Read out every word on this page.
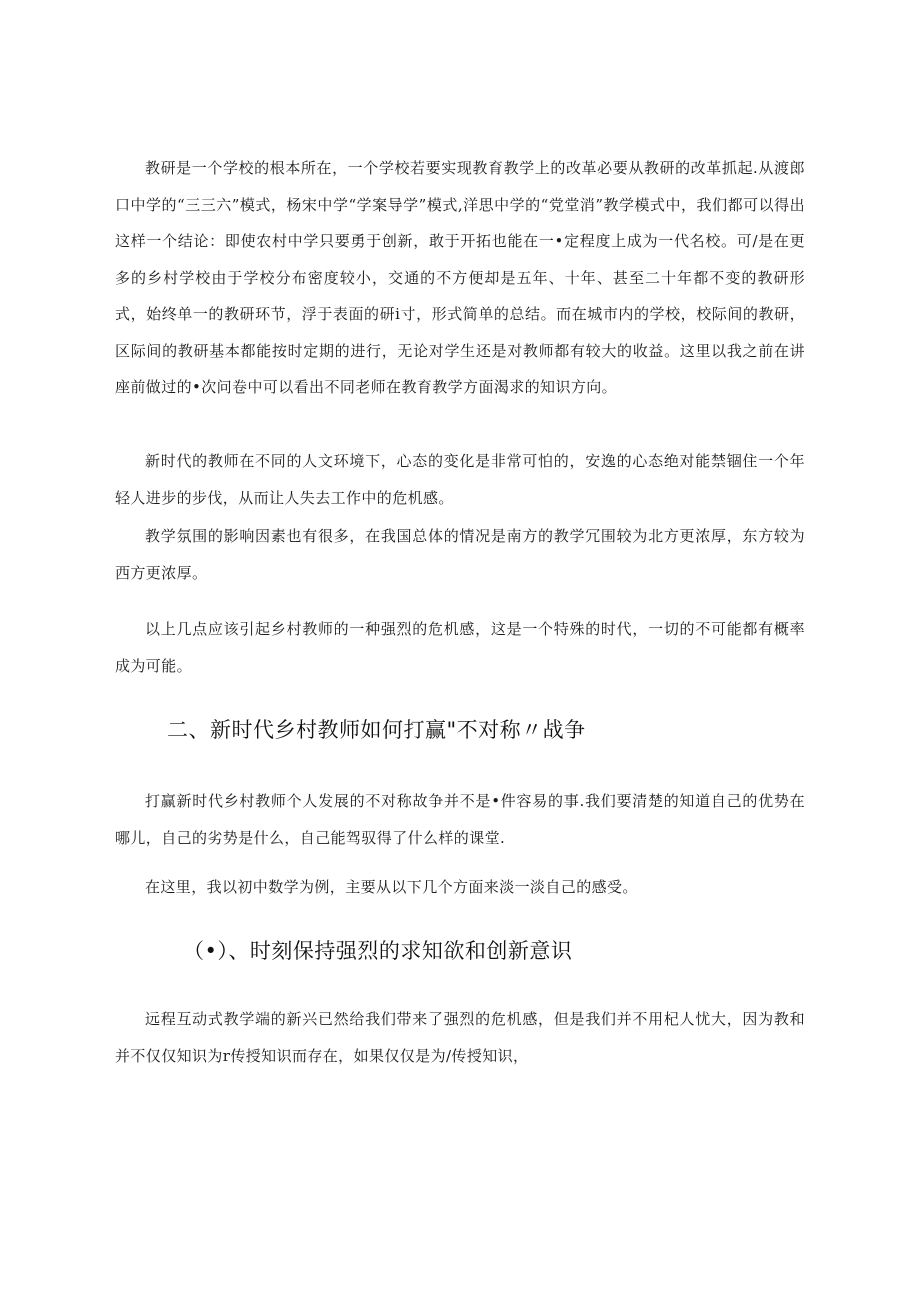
教研是一个学校的根本所在，一个学校若要实现教育教学上的改革必要从教研的改革抓起.从渡郎口中学的“三三六”模式，杨宋中学“学案导学”模式,洋思中学的“党堂消”教学模式中，我们都可以得出这样一个结论：即使农村中学只要勇于创新，敢于开拓也能在一•定程度上成为一代名校。可/是在更多的乡村学校由于学校分布密度较小，交通的不方便却是五年、十年、甚至二十年都不变的教研形式，始终单一的教研环节，浮于表面的研i寸，形式简单的总结。而在城市内的学校，校际间的教研，区际间的教研基本都能按时定期的进行，无论对学生还是对教师都有较大的收益。这里以我之前在讲座前做过的•次问卷中可以看出不同老师在教育教学方面渴求的知识方向。

新时代的教师在不同的人文环境下，心态的变化是非常可怕的，安逸的心态绝对能禁锢住一个年轻人进步的步伐，从而让人失去工作中的危机感。

教学氛围的影响因素也有很多，在我国总体的情况是南方的教学冗围较为北方更浓厚，东方较为西方更浓厚。

以上几点应该引起乡村教师的一种强烈的危机感，这是一个特殊的时代，一切的不可能都有概率成为可能。

二、新时代乡村教师如何打赢"不对称〃战争

打赢新时代乡村教师个人发展的不对称故争并不是•件容易的事.我们要清楚的知道自己的优势在哪儿，自己的劣势是什么，自己能驾驭得了什么样的课堂.

在这里，我以初中数学为例，主要从以下几个方面来淡一淡自己的感受。

（•）、时刻保持强烈的求知欲和创新意识

远程互动式教学端的新兴已然给我们带来了强烈的危机感，但是我们并不用杞人忧大，因为教和并不仅仅知识为r传授知识而存在，如果仅仅是为/传授知识，
